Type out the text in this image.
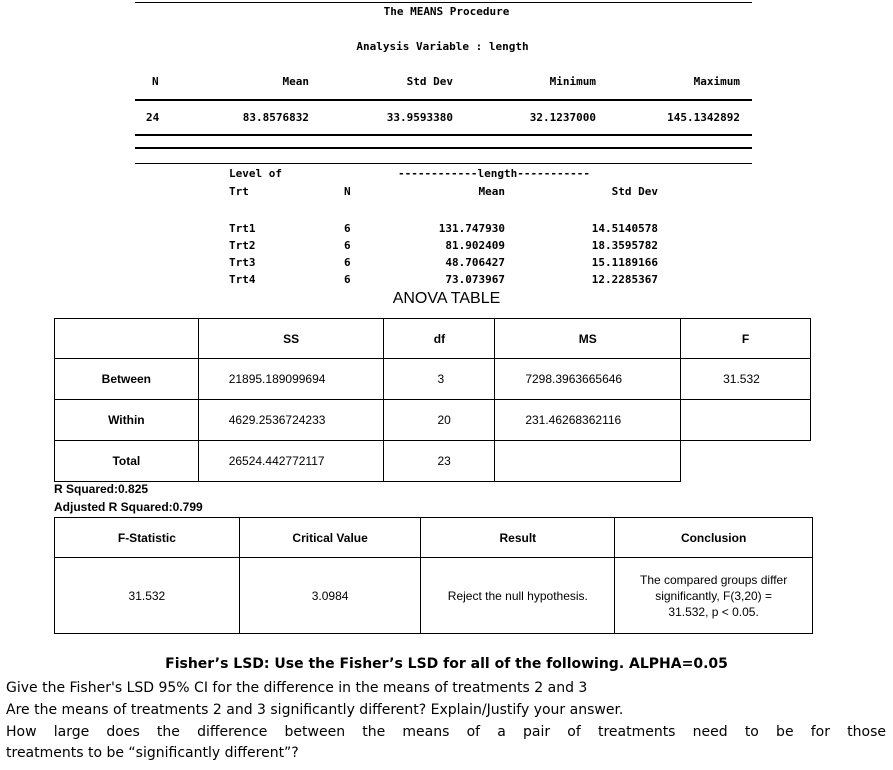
The MEANS Procedure
Analysis Variable : length
N	Mean	Std Dev	Minimum	Maximum
24	83.8576832	33.9593380	32.1237000	145.1342892
Level of	------------length-----------
Trt	N	Mean	Std Dev
Trt1	6	131.747930	14.5140578
Trt2	6	81.902409	18.3595782
Trt3	6	48.706427	15.1189166
Trt4	6	73.073967	12.2285367
ANOVA TABLE
	SS	df	MS	F
Between	21895.189099694	3	7298.3963665646	31.532
Within	4629.2536724233	20	231.46268362116	
Total	26524.442772117	23		
R Squared:0.825
Adjusted R Squared:0.799
F-Statistic	Critical Value	Result	Conclusion
31.532	3.0984	Reject the null hypothesis.	The compared groups differ
significantly, F(3,20) =
31.532, p < 0.05.
Fisher’s LSD: Use the Fisher’s LSD for all of the following. ALPHA=0.05
Give the Fisher's LSD 95% CI for the difference in the means of treatments 2 and 3
Are the means of treatments 2 and 3 significantly different? Explain/Justify your answer.
How large does the difference between the means of a pair of treatments need to be for those
treatments to be “significantly different”?
